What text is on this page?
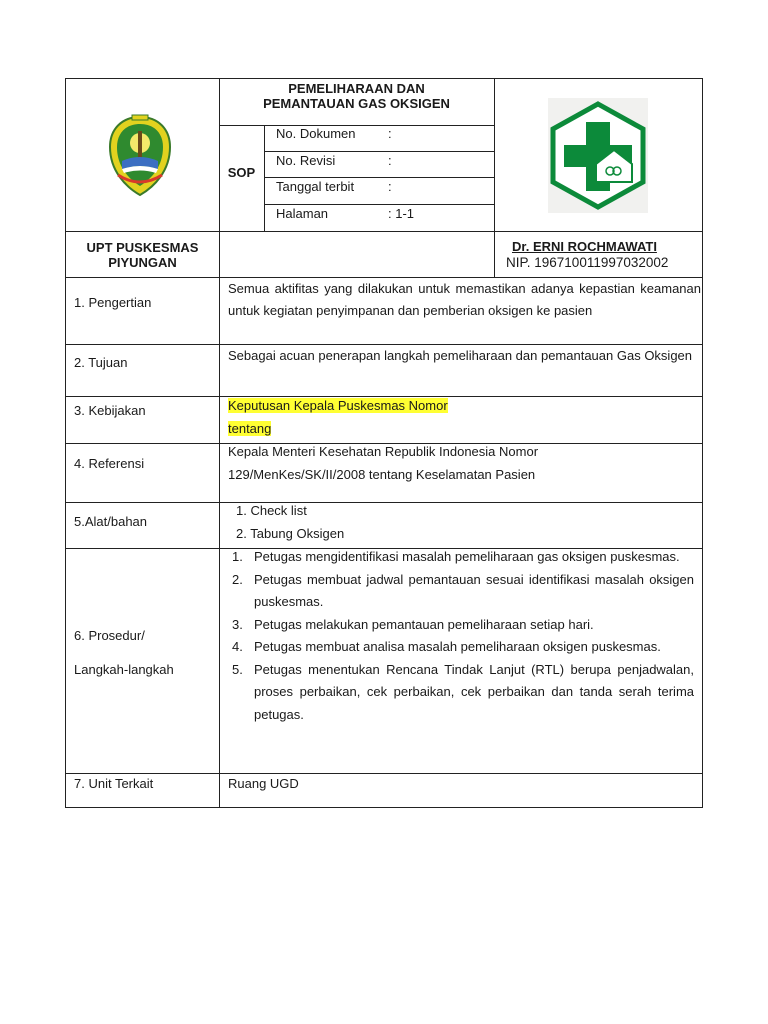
PEMELIHARAAN DAN
PEMANTAUAN GAS OKSIGEN
SOP
No. Dokumen	:
No. Revisi	:
Tanggal terbit	:
Halaman	: 1-1
UPT PUSKESMAS
PIYUNGAN
Dr. ERNI ROCHMAWATI
NIP. 196710011997032002
1. Pengertian
Semua aktifitas yang dilakukan untuk memastikan adanya kepastian keamanan untuk kegiatan penyimpanan dan pemberian oksigen ke pasien
2. Tujuan	Sebagai acuan penerapan langkah pemeliharaan dan pemantauan Gas Oksigen
3. Kebijakan	Keputusan Kepala Puskesmas Nomor
tentang
4. Referensi
Kepala Menteri Kesehatan Republik Indonesia Nomor
129/MenKes/SK/II/2008 tentang Keselamatan Pasien
5.Alat/bahan
1. Check list
2. Tabung Oksigen
6. Prosedur/
Langkah-langkah
1. Petugas mengidentifikasi masalah pemeliharaan gas oksigen puskesmas.
2. Petugas membuat jadwal pemantauan sesuai identifikasi masalah oksigen puskesmas.
3. Petugas melakukan pemantauan pemeliharaan setiap hari.
4. Petugas membuat analisa masalah pemeliharaan oksigen puskesmas.
5. Petugas menentukan Rencana Tindak Lanjut (RTL) berupa penjadwalan, proses perbaikan, cek perbaikan, cek perbaikan dan tanda serah terima petugas.
7. Unit Terkait	Ruang UGD
